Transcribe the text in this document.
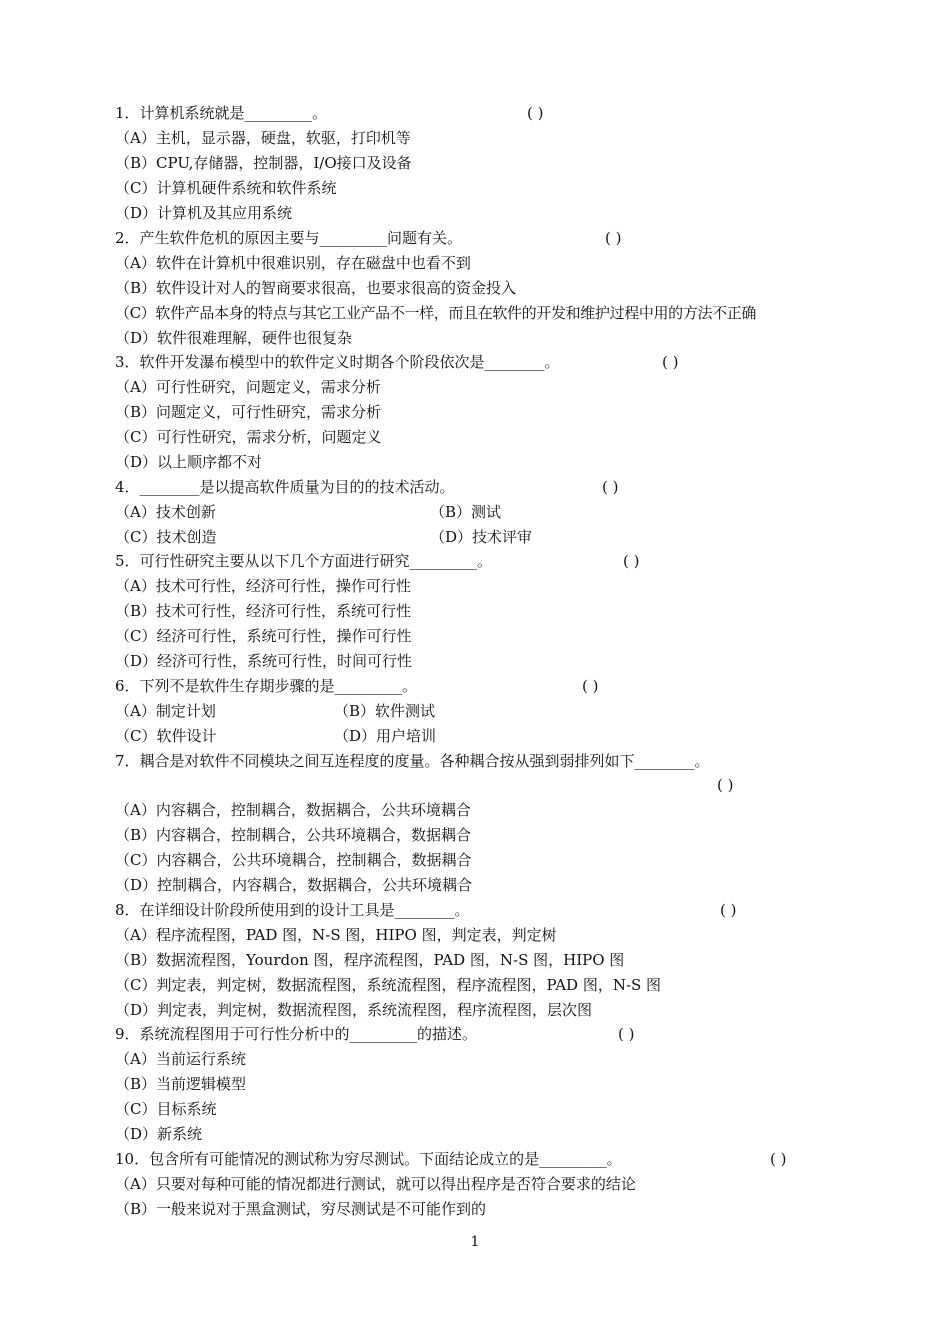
1．计算机系统就是_________。	( )
（A）主机，显示器，硬盘，软驱，打印机等
（B）CPU,存储器，控制器，I/O接口及设备
（C）计算机硬件系统和软件系统
（D）计算机及其应用系统
2．产生软件危机的原因主要与_________问题有关。	( )
（A）软件在计算机中很难识别，存在磁盘中也看不到
（B）软件设计对人的智商要求很高，也要求很高的资金投入
（C）软件产品本身的特点与其它工业产品不一样，而且在软件的开发和维护过程中用的方法不正确
（D）软件很难理解，硬件也很复杂
3．软件开发瀑布模型中的软件定义时期各个阶段依次是________。	( )
（A）可行性研究，问题定义，需求分析
（B）问题定义，可行性研究，需求分析
（C）可行性研究，需求分析，问题定义
（D）以上顺序都不对
4．________是以提高软件质量为目的的技术活动。	( )
（A）技术创新	（B）测试
（C）技术创造	（D）技术评审
5．可行性研究主要从以下几个方面进行研究_________。	( )
（A）技术可行性，经济可行性，操作可行性
（B）技术可行性，经济可行性，系统可行性
（C）经济可行性，系统可行性，操作可行性
（D）经济可行性，系统可行性，时间可行性
6．下列不是软件生存期步骤的是_________。	( )
（A）制定计划	（B）软件测试
（C）软件设计	（D）用户培训
7．耦合是对软件不同模块之间互连程度的度量。各种耦合按从强到弱排列如下________。
( )
（A）内容耦合，控制耦合，数据耦合，公共环境耦合
（B）内容耦合，控制耦合，公共环境耦合，数据耦合
（C）内容耦合，公共环境耦合，控制耦合，数据耦合
（D）控制耦合，内容耦合，数据耦合，公共环境耦合
8．在详细设计阶段所使用到的设计工具是________。	( )
（A）程序流程图，PAD 图，N-S 图，HIPO 图，判定表，判定树
（B）数据流程图，Yourdon 图，程序流程图，PAD 图，N-S 图，HIPO 图
（C）判定表，判定树，数据流程图，系统流程图，程序流程图，PAD 图，N-S 图
（D）判定表，判定树，数据流程图，系统流程图，程序流程图，层次图
9．系统流程图用于可行性分析中的_________的描述。	( )
（A）当前运行系统
（B）当前逻辑模型
（C）目标系统
（D）新系统
10．包含所有可能情况的测试称为穷尽测试。下面结论成立的是_________。	( )
（A）只要对每种可能的情况都进行测试，就可以得出程序是否符合要求的结论
（B）一般来说对于黑盒测试，穷尽测试是不可能作到的
1
